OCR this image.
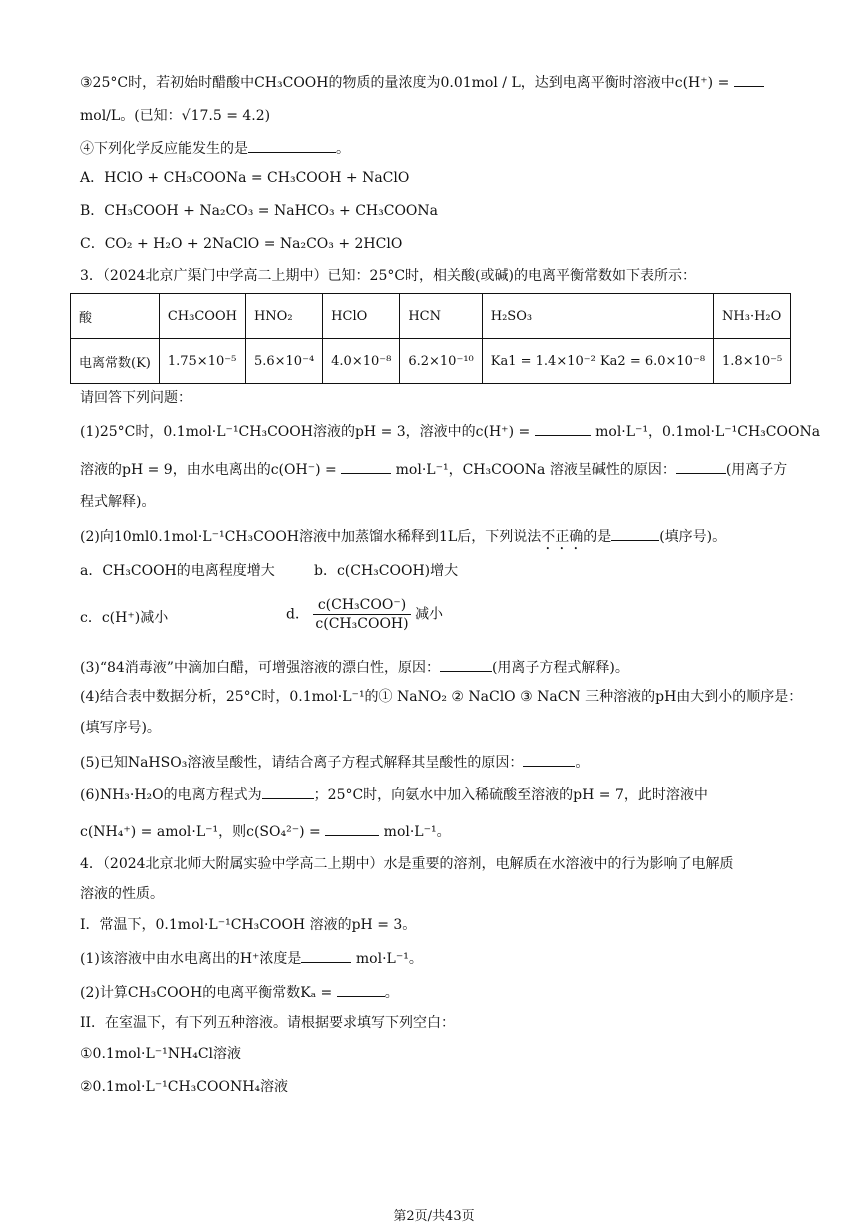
③25°C时，若初始时醋酸中CH₃COOH的物质的量浓度为0.01mol / L，达到电离平衡时溶液中c(H⁺) =
mol/L。(已知：√17.5 = 4.2)
④下列化学反应能发生的是	。
A．HClO + CH₃COONa = CH₃COOH + NaClO
B．CH₃COOH + Na₂CO₃ = NaHCO₃ + CH₃COONa
C．CO₂ + H₂O + 2NaClO = Na₂CO₃ + 2HClO
3．（2024北京广渠门中学高二上期中）已知：25°C时，相关酸(或碱)的电离平衡常数如下表所示：
酸	CH₃COOH	HNO₂	HClO	HCN	H₂SO₃	NH₃·H₂O
电离常数(K)	1.75×10⁻⁵	5.6×10⁻⁴	4.0×10⁻⁸	6.2×10⁻¹⁰	Ka1 = 1.4×10⁻² Ka2 = 6.0×10⁻⁸	1.8×10⁻⁵
请回答下列问题：
(1)25°C时，0.1mol·L⁻¹CH₃COOH溶液的pH = 3，溶液中的c(H⁺) =	mol·L⁻¹，0.1mol·L⁻¹CH₃COONa
溶液的pH = 9，由水电离出的c(OH⁻) =	mol·L⁻¹，CH₃COONa 溶液呈碱性的原因：	(用离子方
程式解释)。
(2)向10ml0.1mol·L⁻¹CH₃COOH溶液中加蒸馏水稀释到1L后，下列说法不正确的是	(填序号)。
a．CH₃COOH的电离程度增大	b．c(CH₃COOH)增大
c．c(H⁺)减小	d． $\frac{\text{c(CH₃COO⁻)}}{\text{c(CH₃COOH)}}$ 减小
(3)“84消毒液”中滴加白醋，可增强溶液的漂白性，原因：	(用离子方程式解释)。
(4)结合表中数据分析，25°C时，0.1mol·L⁻¹的① NaNO₂ ② NaClO ③ NaCN 三种溶液的pH由大到小的顺序是：
(填写序号)。
(5)已知NaHSO₃溶液呈酸性，请结合离子方程式解释其呈酸性的原因：	。
(6)NH₃·H₂O的电离方程式为	；25°C时，向氨水中加入稀硫酸至溶液的pH = 7，此时溶液中
c(NH₄⁺) = amol·L⁻¹，则c(SO₄²⁻) =	mol·L⁻¹。
4．（2024北京北师大附属实验中学高二上期中）水是重要的溶剂，电解质在水溶液中的行为影响了电解质
溶液的性质。
I．常温下，0.1mol·L⁻¹CH₃COOH 溶液的pH = 3。
(1)该溶液中由水电离出的H⁺浓度是	mol·L⁻¹。
(2)计算CH₃COOH的电离平衡常数Kₐ =	。
II．在室温下，有下列五种溶液。请根据要求填写下列空白：
①0.1mol·L⁻¹NH₄Cl溶液
②0.1mol·L⁻¹CH₃COONH₄溶液
第2页/共43页
